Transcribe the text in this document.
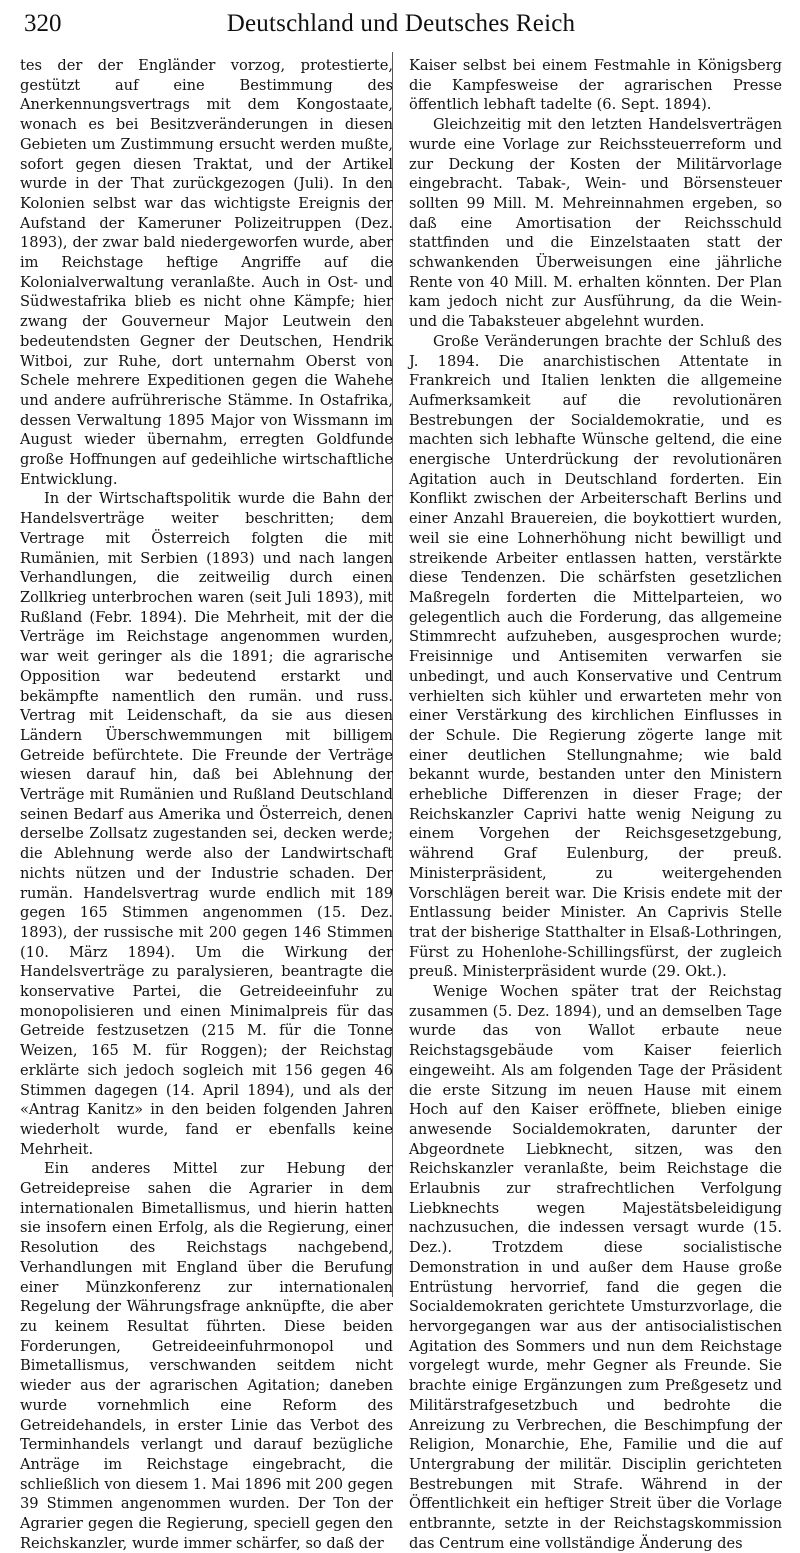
320	Deutschland und Deutsches Reich

tes der der Engländer vorzog, protestierte, gestützt auf eine Bestimmung des Anerkennungsvertrags mit dem Kongostaate, wonach es bei Besitzveränderungen in diesen Gebieten um Zustimmung ersucht werden mußte, sofort gegen diesen Traktat, und der Artikel wurde in der That zurückgezogen (Juli). In den Kolonien selbst war das wichtigste Ereignis der Aufstand der Kameruner Polizeitruppen (Dez. 1893), der zwar bald niedergeworfen wurde, aber im Reichstage heftige Angriffe auf die Kolonialverwaltung veranlaßte. Auch in Ost- und Südwestafrika blieb es nicht ohne Kämpfe; hier zwang der Gouverneur Major Leutwein den bedeutendsten Gegner der Deutschen, Hendrik Witboi, zur Ruhe, dort unternahm Oberst von Schele mehrere Expeditionen gegen die Wahehe und andere aufrührerische Stämme. In Ostafrika, dessen Verwaltung 1895 Major von Wissmann im August wieder übernahm, erregten Goldfunde große Hoffnungen auf gedeihliche wirtschaftliche Entwicklung.

In der Wirtschaftspolitik wurde die Bahn der Handelsverträge weiter beschritten; dem Vertrage mit Österreich folgten die mit Rumänien, mit Serbien (1893) und nach langen Verhandlungen, die zeitweilig durch einen Zollkrieg unterbrochen waren (seit Juli 1893), mit Rußland (Febr. 1894). Die Mehrheit, mit der die Verträge im Reichstage angenommen wurden, war weit geringer als die 1891; die agrarische Opposition war bedeutend erstarkt und bekämpfte namentlich den rumän. und russ. Vertrag mit Leidenschaft, da sie aus diesen Ländern Überschwemmungen mit billigem Getreide befürchtete. Die Freunde der Verträge wiesen darauf hin, daß bei Ablehnung der Verträge mit Rumänien und Rußland Deutschland seinen Bedarf aus Amerika und Österreich, denen derselbe Zollsatz zugestanden sei, decken werde; die Ablehnung werde also der Landwirtschaft nichts nützen und der Industrie schaden. Der rumän. Handelsvertrag wurde endlich mit 189 gegen 165 Stimmen angenommen (15. Dez. 1893), der russische mit 200 gegen 146 Stimmen (10. März 1894). Um die Wirkung der Handelsverträge zu paralysieren, beantragte die konservative Partei, die Getreideeinfuhr zu monopolisieren und einen Minimalpreis für das Getreide festzusetzen (215 M. für die Tonne Weizen, 165 M. für Roggen); der Reichstag erklärte sich jedoch sogleich mit 156 gegen 46 Stimmen dagegen (14. April 1894), und als der «Antrag Kanitz» in den beiden folgenden Jahren wiederholt wurde, fand er ebenfalls keine Mehrheit.

Ein anderes Mittel zur Hebung der Getreidepreise sahen die Agrarier in dem internationalen Bimetallismus, und hierin hatten sie insofern einen Erfolg, als die Regierung, einer Resolution des Reichstags nachgebend, Verhandlungen mit England über die Berufung einer Münzkonferenz zur internationalen Regelung der Währungsfrage anknüpfte, die aber zu keinem Resultat führten. Diese beiden Forderungen, Getreideeinfuhrmonopol und Bimetallismus, verschwanden seitdem nicht wieder aus der agrarischen Agitation; daneben wurde vornehmlich eine Reform des Getreidehandels, in erster Linie das Verbot des Terminhandels verlangt und darauf bezügliche Anträge im Reichstage eingebracht, die schließlich von diesem 1. Mai 1896 mit 200 gegen 39 Stimmen angenommen wurden. Der Ton der Agrarier gegen die Regierung, speciell gegen den Reichskanzler, wurde immer schärfer, so daß der

Kaiser selbst bei einem Festmahle in Königsberg die Kampfesweise der agrarischen Presse öffentlich lebhaft tadelte (6. Sept. 1894).

Gleichzeitig mit den letzten Handelsverträgen wurde eine Vorlage zur Reichssteuerreform und zur Deckung der Kosten der Militärvorlage eingebracht. Tabak-, Wein- und Börsensteuer sollten 99 Mill. M. Mehreinnahmen ergeben, so daß eine Amortisation der Reichsschuld stattfinden und die Einzelstaaten statt der schwankenden Überweisungen eine jährliche Rente von 40 Mill. M. erhalten könnten. Der Plan kam jedoch nicht zur Ausführung, da die Wein- und die Tabaksteuer abgelehnt wurden.

Große Veränderungen brachte der Schluß des J. 1894. Die anarchistischen Attentate in Frankreich und Italien lenkten die allgemeine Aufmerksamkeit auf die revolutionären Bestrebungen der Socialdemokratie, und es machten sich lebhafte Wünsche geltend, die eine energische Unterdrückung der revolutionären Agitation auch in Deutschland forderten. Ein Konflikt zwischen der Arbeiterschaft Berlins und einer Anzahl Brauereien, die boykottiert wurden, weil sie eine Lohnerhöhung nicht bewilligt und streikende Arbeiter entlassen hatten, verstärkte diese Tendenzen. Die schärfsten gesetzlichen Maßregeln forderten die Mittelparteien, wo gelegentlich auch die Forderung, das allgemeine Stimmrecht aufzuheben, ausgesprochen wurde; Freisinnige und Antisemiten verwarfen sie unbedingt, und auch Konservative und Centrum verhielten sich kühler und erwarteten mehr von einer Verstärkung des kirchlichen Einflusses in der Schule. Die Regierung zögerte lange mit einer deutlichen Stellungnahme; wie bald bekannt wurde, bestanden unter den Ministern erhebliche Differenzen in dieser Frage; der Reichskanzler Caprivi hatte wenig Neigung zu einem Vorgehen der Reichsgesetzgebung, während Graf Eulenburg, der preuß. Ministerpräsident, zu weitergehenden Vorschlägen bereit war. Die Krisis endete mit der Entlassung beider Minister. An Caprivis Stelle trat der bisherige Statthalter in Elsaß-Lothringen, Fürst zu Hohenlohe-Schillingsfürst, der zugleich preuß. Ministerpräsident wurde (29. Okt.).

Wenige Wochen später trat der Reichstag zusammen (5. Dez. 1894), und an demselben Tage wurde das von Wallot erbaute neue Reichstagsgebäude vom Kaiser feierlich eingeweiht. Als am folgenden Tage der Präsident die erste Sitzung im neuen Hause mit einem Hoch auf den Kaiser eröffnete, blieben einige anwesende Socialdemokraten, darunter der Abgeordnete Liebknecht, sitzen, was den Reichskanzler veranlaßte, beim Reichstage die Erlaubnis zur strafrechtlichen Verfolgung Liebknechts wegen Majestätsbeleidigung nachzusuchen, die indessen versagt wurde (15. Dez.). Trotzdem diese socialistische Demonstration in und außer dem Hause große Entrüstung hervorrief, fand die gegen die Socialdemokraten gerichtete Umsturzvorlage, die hervorgegangen war aus der antisocialistischen Agitation des Sommers und nun dem Reichstage vorgelegt wurde, mehr Gegner als Freunde. Sie brachte einige Ergänzungen zum Preßgesetz und Militärstrafgesetzbuch und bedrohte die Anreizung zu Verbrechen, die Beschimpfung der Religion, Monarchie, Ehe, Familie und die auf Untergrabung der militär. Disciplin gerichteten Bestrebungen mit Strafe. Während in der Öffentlichkeit ein heftiger Streit über die Vorlage entbrannte, setzte in der Reichstagskommission das Centrum eine vollständige Änderung des
